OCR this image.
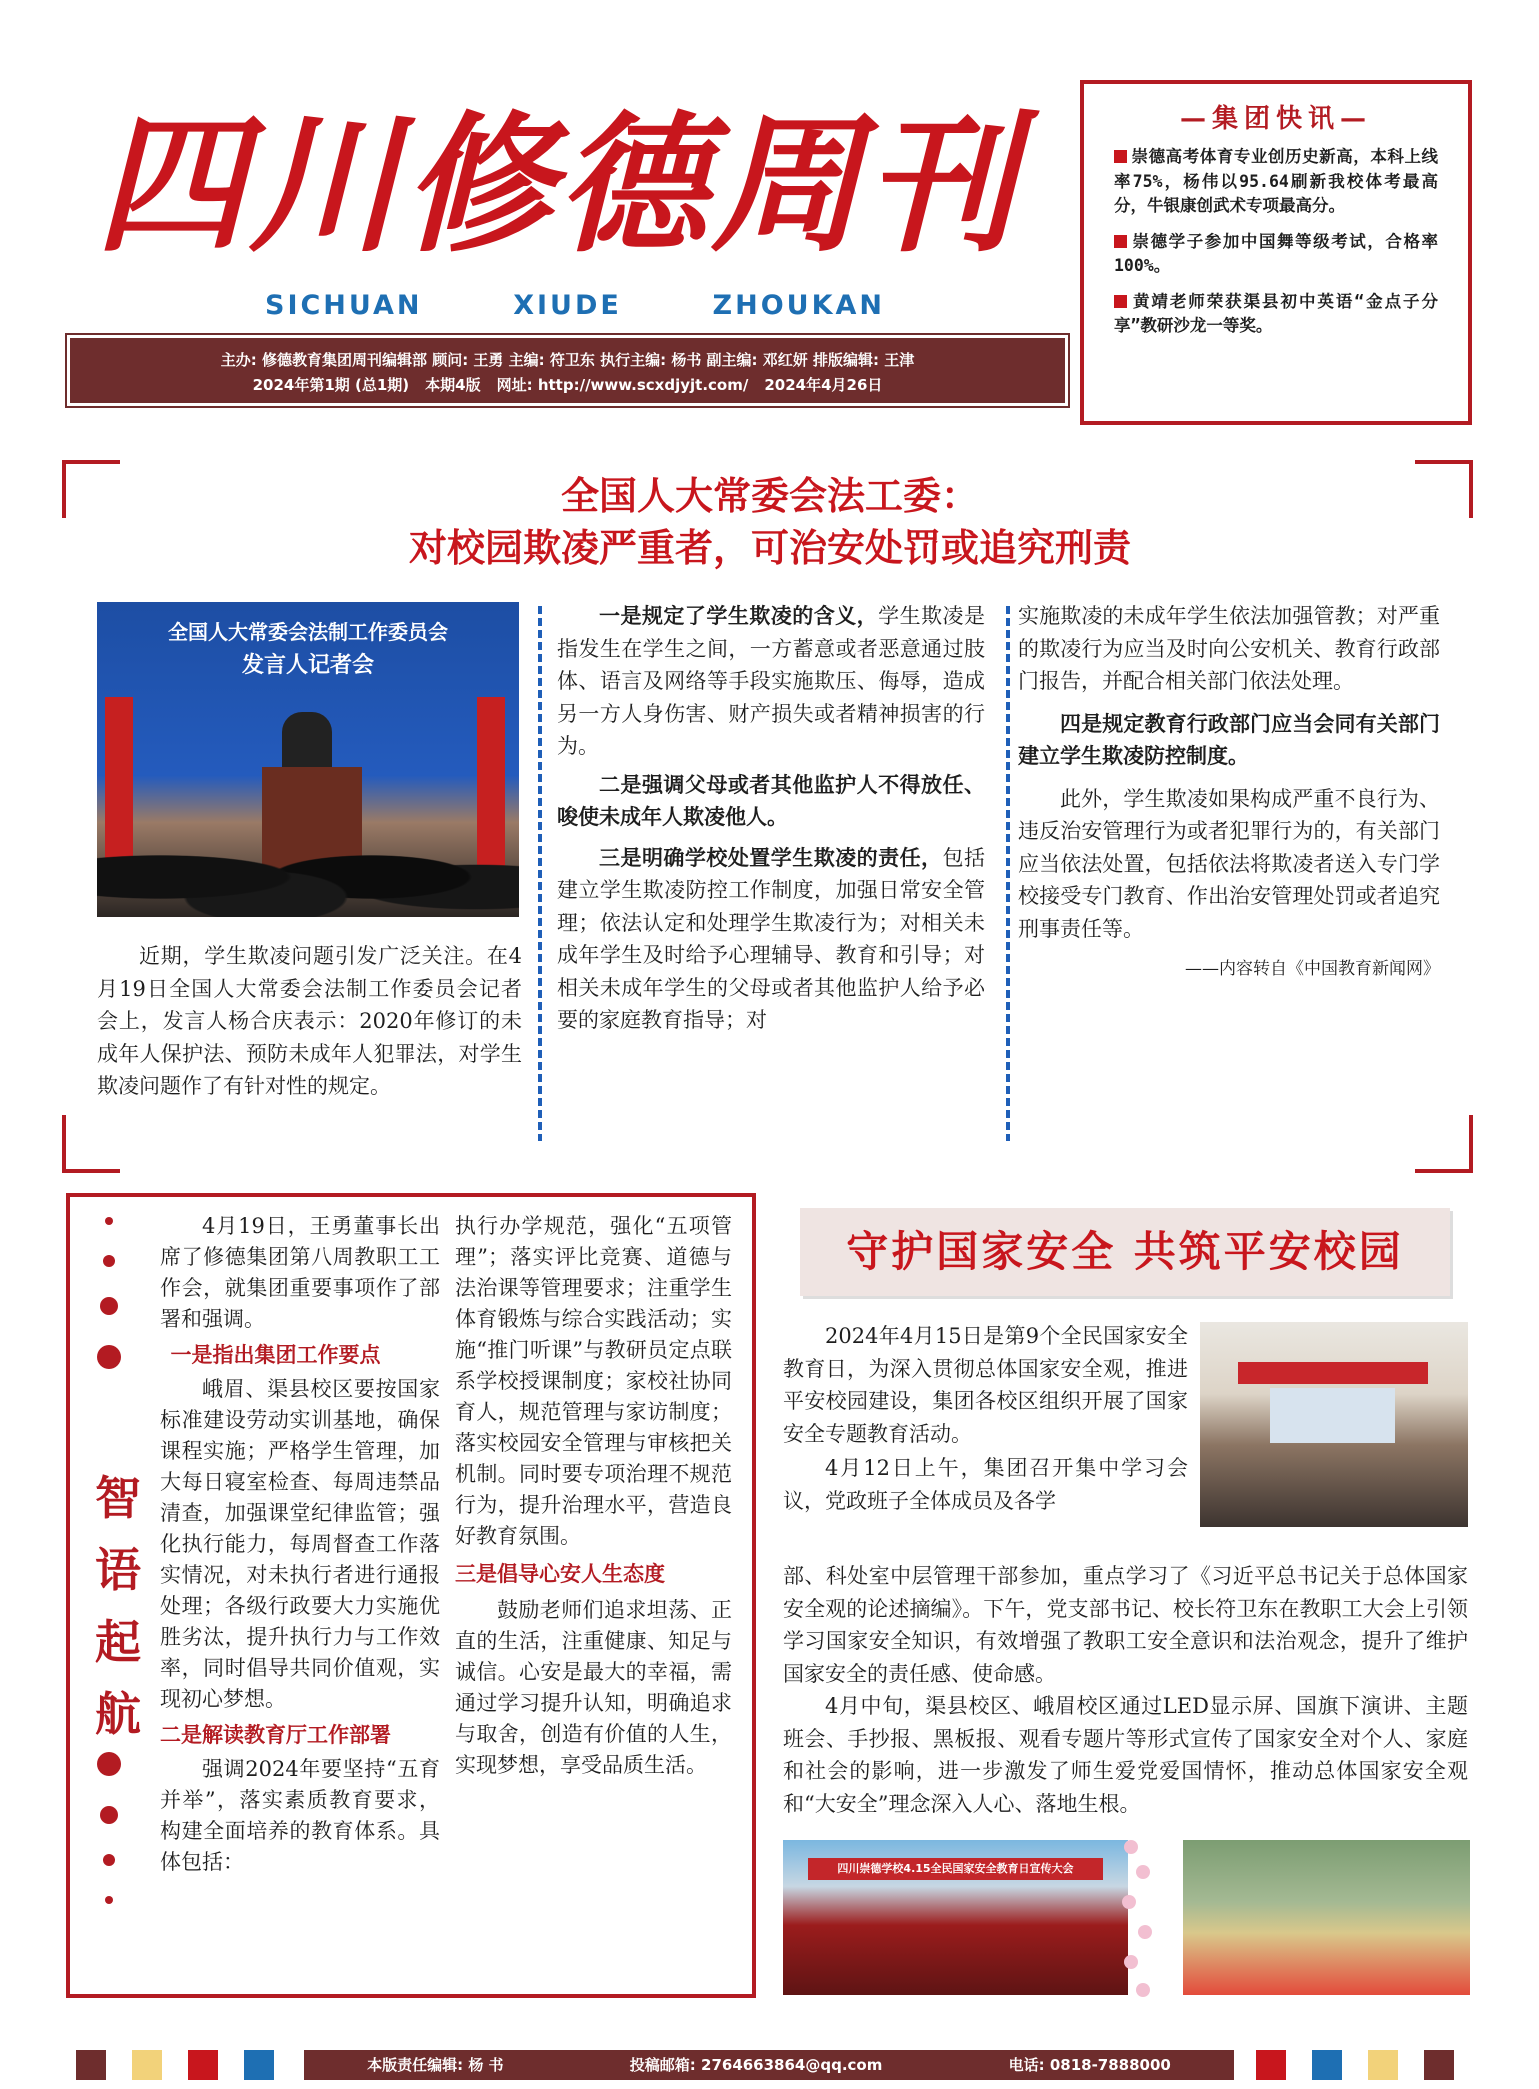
四川修德周刊
SICHUAN	XIUDE	ZHOUKAN
主办: 修德教育集团周刊编辑部 顾问: 王勇 主编: 符卫东 执行主编: 杨书 副主编: 邓红妍 排版编辑: 王津
2024年第1期 (总1期) 本期4版 网址: http://www.scxdjyjt.com/ 2024年4月26日
—集团快讯—
崇德高考体育专业创历史新高，本科上线率75%，杨伟以95.64刷新我校体考最高分，牛银康创武术专项最高分。
崇德学子参加中国舞等级考试，合格率100%。
黄靖老师荣获渠县初中英语“金点子分享”教研沙龙一等奖。
全国人大常委会法工委：
对校园欺凌严重者，可治安处罚或追究刑责
全国人大常委会法制工作委员会
发言人记者会

近期，学生欺凌问题引发广泛关注。在4月19日全国人大常委会法制工作委员会记者会上，发言人杨合庆表示：2020年修订的未成年人保护法、预防未成年人犯罪法，对学生欺凌问题作了有针对性的规定。

一是规定了学生欺凌的含义，学生欺凌是指发生在学生之间，一方蓄意或者恶意通过肢体、语言及网络等手段实施欺压、侮辱，造成另一方人身伤害、财产损失或者精神损害的行为。

二是强调父母或者其他监护人不得放任、唆使未成年人欺凌他人。

三是明确学校处置学生欺凌的责任，包括建立学生欺凌防控工作制度，加强日常安全管理；依法认定和处理学生欺凌行为；对相关未成年学生及时给予心理辅导、教育和引导；对相关未成年学生的父母或者其他监护人给予必要的家庭教育指导；对

实施欺凌的未成年学生依法加强管教；对严重的欺凌行为应当及时向公安机关、教育行政部门报告，并配合相关部门依法处理。

四是规定教育行政部门应当会同有关部门建立学生欺凌防控制度。

此外，学生欺凌如果构成严重不良行为、违反治安管理行为或者犯罪行为的，有关部门应当依法处置，包括依法将欺凌者送入专门学校接受专门教育、作出治安管理处罚或者追究刑事责任等。

——内容转自《中国教育新闻网》
智
语
起
航

4月19日，王勇董事长出席了修德集团第八周教职工工作会，就集团重要事项作了部署和强调。

一是指出集团工作要点

峨眉、渠县校区要按国家标准建设劳动实训基地，确保课程实施；严格学生管理，加大每日寝室检查、每周违禁品清查，加强课堂纪律监管；强化执行能力，每周督查工作落实情况，对未执行者进行通报处理；各级行政要大力实施优胜劣汰，提升执行力与工作效率，同时倡导共同价值观，实现初心梦想。

二是解读教育厅工作部署

强调2024年要坚持“五育并举”，落实素质教育要求，构建全面培养的教育体系。具体包括：

执行办学规范，强化“五项管理”；落实评比竞赛、道德与法治课等管理要求；注重学生体育锻炼与综合实践活动；实施“推门听课”与教研员定点联系学校授课制度；家校社协同育人，规范管理与家访制度；落实校园安全管理与审核把关机制。同时要专项治理不规范行为，提升治理水平，营造良好教育氛围。

三是倡导心安人生态度

鼓励老师们追求坦荡、正直的生活，注重健康、知足与诚信。心安是最大的幸福，需通过学习提升认知，明确追求与取舍，创造有价值的人生，实现梦想，享受品质生活。

守护国家安全 共筑平安校园

2024年4月15日是第9个全民国家安全教育日，为深入贯彻总体国家安全观，推进平安校园建设，集团各校区组织开展了国家安全专题教育活动。

4月12日上午，集团召开集中学习会议，党政班子全体成员及各学

部、科处室中层管理干部参加，重点学习了《习近平总书记关于总体国家安全观的论述摘编》。下午，党支部书记、校长符卫东在教职工大会上引领学习国家安全知识，有效增强了教职工安全意识和法治观念，提升了维护国家安全的责任感、使命感。

4月中旬，渠县校区、峨眉校区通过LED显示屏、国旗下演讲、主题班会、手抄报、黑板报、观看专题片等形式宣传了国家安全对个人、家庭和社会的影响，进一步激发了师生爱党爱国情怀，推动总体国家安全观和“大安全”理念深入人心、落地生根。

四川崇德学校4.15全民国家安全教育日宣传大会
本版责任编辑: 杨 书	投稿邮箱: 2764663864@qq.com	电话: 0818-7888000
